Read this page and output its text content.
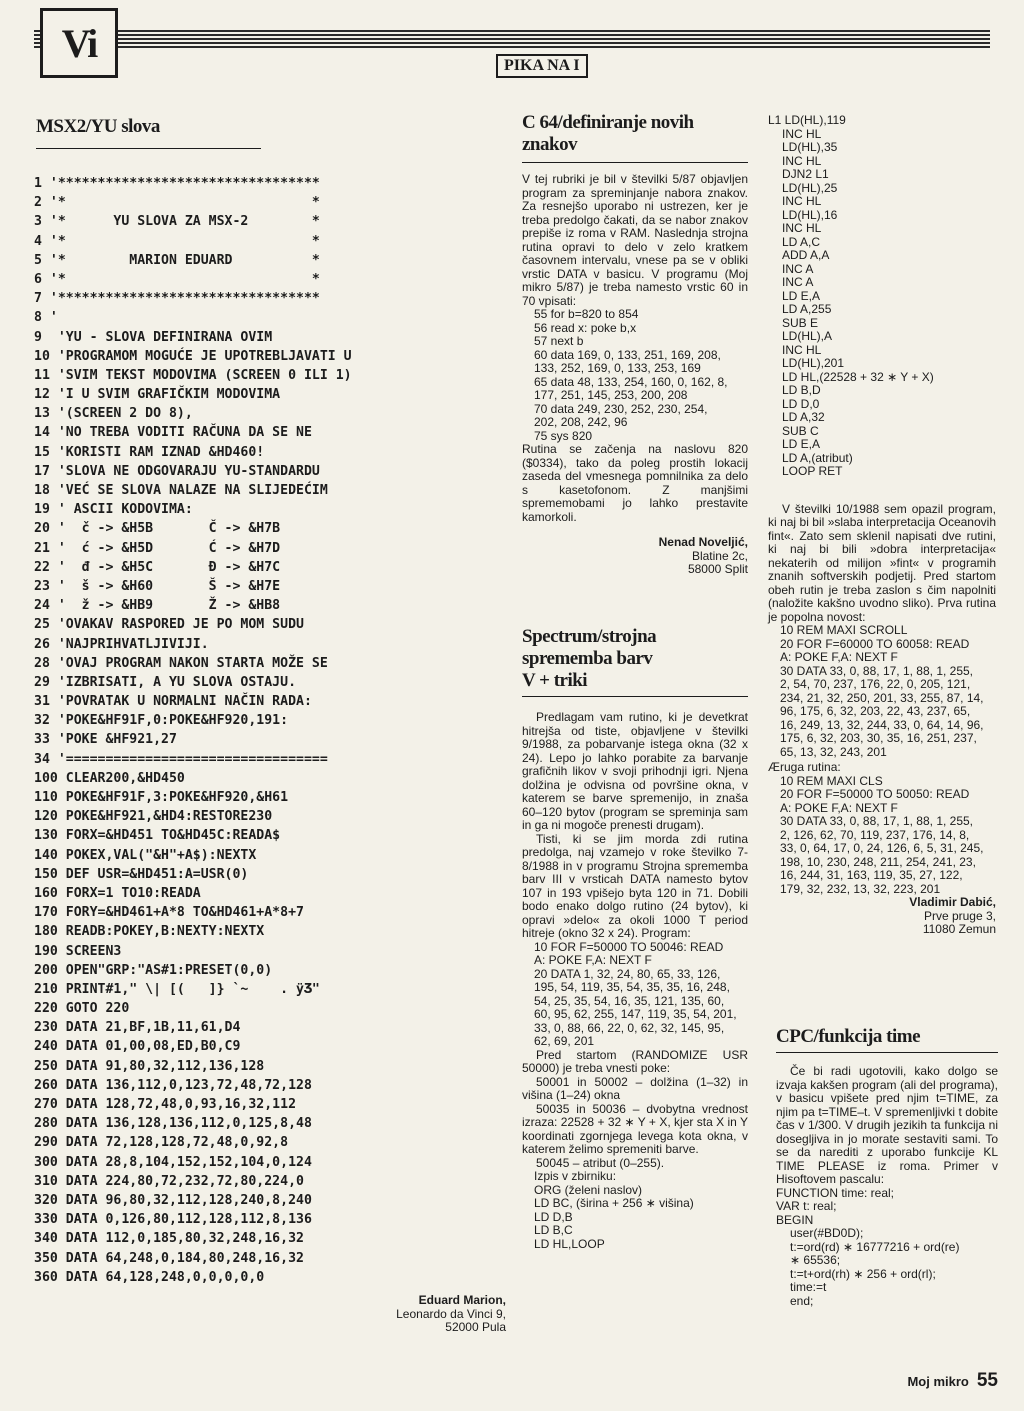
Vi	PIKA NA I
MSX2/YU slova
1 '*********************************
2 '*                               *
3 '*      YU SLOVA ZA MSX-2        *
4 '*                               *
5 '*        MARION EDUARD          *
6 '*                               *
7 '*********************************
8 '
9  'YU - SLOVA DEFINIRANA OVIM
10 'PROGRAMOM MOGUĆE JE UPOTREBLJAVATI U
11 'SVIM TEKST MODOVIMA (SCREEN 0 ILI 1)
12 'I U SVIM GRAFIČKIM MODOVIMA
13 '(SCREEN 2 DO 8),
14 'NO TREBA VODITI RAČUNA DA SE NE
15 'KORISTI RAM IZNAD &HD460!
17 'SLOVA NE ODGOVARAJU YU-STANDARDU
18 'VEĆ SE SLOVA NALAZE NA SLIJEDEĆIM
19 ' ASCII KODOVIMA:
20 '  č -> &H5B       Č -> &H7B
21 '  ć -> &H5D       Ć -> &H7D
22 '  đ -> &H5C       Đ -> &H7C
23 '  š -> &H60       Š -> &H7E
24 '  ž -> &HB9       Ž -> &HB8
25 'OVAKAV RASPORED JE PO MOM SUDU
26 'NAJPRIHVATLJIVIJI.
28 'OVAJ PROGRAM NAKON STARTA MOŽE SE
29 'IZBRISATI, A YU SLOVA OSTAJU.
31 'POVRATAK U NORMALNI NAČIN RADA:
32 'POKE&HF91F,0:POKE&HF920,191:
33 'POKE &HF921,27
34 '=================================
100 CLEAR200,&HD450
110 POKE&HF91F,3:POKE&HF920,&H61
120 POKE&HF921,&HD4:RESTORE230
130 FORX=&HD451 TO&HD45C:READA$
140 POKEX,VAL("&H"+A$):NEXTX
150 DEF USR=&HD451:A=USR(0)
160 FORX=1 TO10:READA
170 FORY=&HD461+A*8 TO&HD461+A*8+7
180 READB:POKEY,B:NEXTY:NEXTX
190 SCREEN3
200 OPEN"GRP:"AS#1:PRESET(0,0)
210 PRINT#1," \| [(   ]} `~    . ÿƷ"
220 GOTO 220
230 DATA 21,BF,1B,11,61,D4
240 DATA 01,00,08,ED,B0,C9
250 DATA 91,80,32,112,136,128
260 DATA 136,112,0,123,72,48,72,128
270 DATA 128,72,48,0,93,16,32,112
280 DATA 136,128,136,112,0,125,8,48
290 DATA 72,128,128,72,48,0,92,8
300 DATA 28,8,104,152,152,104,0,124
310 DATA 224,80,72,232,72,80,224,0
320 DATA 96,80,32,112,128,240,8,240
330 DATA 0,126,80,112,128,112,8,136
340 DATA 112,0,185,80,32,248,16,32
350 DATA 64,248,0,184,80,248,16,32
360 DATA 64,128,248,0,0,0,0,0
Eduard Marion,
Leonardo da Vinci 9,
52000 Pula
C 64/definiranje novih
znakov

V tej rubriki je bil v številki 5/87 objavljen program za spreminjanje nabora znakov. Za resnejšo uporabo ni ustrezen, ker je treba predolgo čakati, da se nabor znakov prepiše iz roma v RAM. Naslednja strojna rutina opravi to delo v zelo kratkem časovnem intervalu, vnese pa se v obliki vrstic DATA v basicu. V programu (Moj mikro 5/87) je treba namesto vrstic 60 in 70 vpisati:

55 for b=820 to 854
56 read x: poke b,x
57 next b
60 data 169, 0, 133, 251, 169, 208,
133, 252, 169, 0, 133, 253, 169
65 data 48, 133, 254, 160, 0, 162, 8,
177, 251, 145, 253, 200, 208
70 data 249, 230, 252, 230, 254,
202, 208, 242, 96
75 sys 820

Rutina se začenja na naslovu 820 ($0334), tako da poleg prostih lokacij zaseda del vmesnega pomnilnika za delo s kasetofonom. Z manjšimi sprememobami jo lahko prestavite kamorkoli.

Nenad Noveljić,
Blatine 2c,
58000 Split
Spectrum/strojna
sprememba barv
V + triki

Predlagam vam rutino, ki je devetkrat hitrejša od tiste, objavljene v številki 9/1988, za pobarvanje istega okna (32 x 24). Lepo jo lahko porabite za barvanje grafičnih likov v svoji prihodnji igri. Njena dolžina je odvisna od površine okna, v katerem se barve spremenijo, in znaša 60–120 bytov (program se spreminja sam in ga ni mogoče prenesti drugam).

Tisti, ki se jim morda zdi rutina predolga, naj vzamejo v roke številko 7-8/1988 in v programu Strojna sprememba barv III v vrsticah DATA namesto bytov 107 in 193 vpišejo byta 120 in 71. Dobili bodo enako dolgo rutino (24 bytov), ki opravi »delo« za okoli 1000 T period hitreje (okno 32 x 24). Program:

10 FOR F=50000 TO 50046: READ
A: POKE F,A: NEXT F
20 DATA 1, 32, 24, 80, 65, 33, 126,
195, 54, 119, 35, 54, 35, 35, 16, 248,
54, 25, 35, 54, 16, 35, 121, 135, 60,
60, 95, 62, 255, 147, 119, 35, 54, 201,
33, 0, 88, 66, 22, 0, 62, 32, 145, 95,
62, 69, 201

Pred startom (RANDOMIZE USR 50000) je treba vnesti poke:

50001 in 50002 – dolžina (1–32) in višina (1–24) okna

50035 in 50036 – dvobytna vrednost izraza: 22528 + 32 ∗ Y + X, kjer sta X in Y koordinati zgornjega levega kota okna, v katerem želimo spremeniti barve.

50045 – atribut (0–255).

Izpis v zbirniku:
ORG (želeni naslov)
LD BC, (širina + 256 ∗ višina)
LD D,B
LD B,C
LD HL,LOOP
L1 LD(HL),119
INC HL
LD(HL),35
INC HL
DJN2 L1
LD(HL),25
INC HL
LD(HL),16
INC HL
LD A,C
ADD A,A
INC A
INC A
LD E,A
LD A,255
SUB E
LD(HL),A
INC HL
LD(HL),201
LD HL,(22528 + 32 ∗ Y + X)
LD B,D
LD D,0
LD A,32
SUB C
LD E,A
LD A,(atribut)
LOOP RET

V številki 10/1988 sem opazil program, ki naj bi bil »slaba interpretacija Oceanovih fint«. Zato sem sklenil napisati dve rutini, ki naj bi bili »dobra interpretacija« nekaterih od milijon »fint« v programih znanih softverskih podjetij. Pred startom obeh rutin je treba zaslon s čim napolniti (naložite kakšno uvodno sliko). Prva rutina je popolna novost:

10 REM MAXI SCROLL
20 FOR F=60000 TO 60058: READ
A: POKE F,A: NEXT F
30 DATA 33, 0, 88, 17, 1, 88, 1, 255,
2, 54, 70, 237, 176, 22, 0, 205, 121,
234, 21, 32, 250, 201, 33, 255, 87, 14,
96, 175, 6, 32, 203, 22, 43, 237, 65,
16, 249, 13, 32, 244, 33, 0, 64, 14, 96,
175, 6, 32, 203, 30, 35, 16, 251, 237,
65, 13, 32, 243, 201

Æruga rutina:

10 REM MAXI CLS
20 FOR F=50000 TO 50050: READ
A: POKE F,A: NEXT F
30 DATA 33, 0, 88, 17, 1, 88, 1, 255,
2, 126, 62, 70, 119, 237, 176, 14, 8,
33, 0, 64, 17, 0, 24, 126, 6, 5, 31, 245,
198, 10, 230, 248, 211, 254, 241, 23,
16, 244, 31, 163, 119, 35, 27, 122,
179, 32, 232, 13, 32, 223, 201
Vladimir Dabić,
Prve pruge 3,
11080 Zemun
CPC/funkcija time

Če bi radi ugotovili, kako dolgo se izvaja kakšen program (ali del programa), v basicu vpišete pred njim t=TIME, za njim pa t=TIME–t. V spremenljivki t dobite čas v 1/300. V drugih jezikih ta funkcija ni dosegljiva in jo morate sestaviti sami. To se da narediti z uporabo funkcije KL TIME PLEASE iz roma. Primer v Hisoftovem pascalu:

FUNCTION time: real;
VAR t: real;
BEGIN
user(#BD0D);
t:=ord(rd) ∗ 16777216 + ord(re)
∗ 65536;
t:=t+ord(rh) ∗ 256 + ord(rl);
time:=t
end;
Moj mikro 55
